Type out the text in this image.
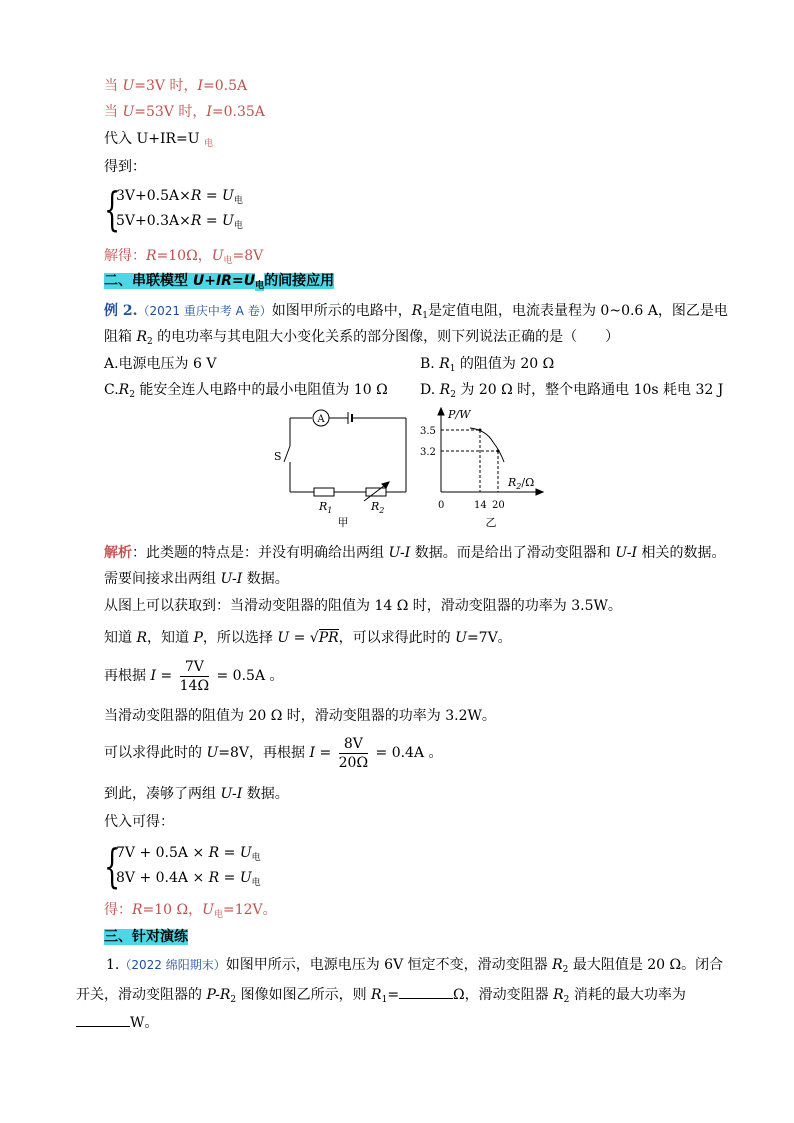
当 U=3V 时，I=0.5A
当 U=53V 时，I=0.35A
代入 U+IR=U $_电$
得到：
{
$3V+0.5A\times R = U_电$
$5V+0.3A\times R = U_电$
解得：R=10Ω，$U_电=8V$
二、串联模型 $U+IR=U_电$的间接应用
例 2.（2021 重庆中考 A 卷）如图甲所示的电路中，$R_1$是定值电阻，电流表量程为 0~0.6 A，图乙是电
阻箱 $R_2$ 的电功率与其电阻大小变化关系的部分图像，则下列说法正确的是（　　）
A.电源电压为 6 V	B. $R_1$ 的阻值为 20 Ω
$C.R_2$ 能安全连人电路中的最小电阻值为 10 Ω D. $R_2$ 为 20 Ω 时，整个电路通电 10s 耗电 32 J
A
S
$R_1$	$R_2$
甲
P/W
3.5
3.2
0	14 20
$R_2/\Omega$
乙
解析：此类题的特点是：并没有明确给出两组 U-I 数据。而是给出了滑动变阻器和 U-I 相关的数据。
需要间接求出两组 U-I 数据。
从图上可以获取到：当滑动变阻器的阻值为 14 Ω 时，滑动变阻器的功率为 3.5W。
知道 R，知道 P，所以选择 U = √PR，可以求得此时的 U=7V。
再根据 $I = \frac{7V}{14\Omega} = 0.5A$ 。
当滑动变阻器的阻值为 20 Ω 时，滑动变阻器的功率为 3.2W。
可以求得此时的 U=8V，再根据 $I = \frac{8V}{20\Omega} = 0.4A$ 。
到此，凑够了两组 U-I 数据。
代入可得：
{
$7V + 0.5A \times R = U_电$
$8V + 0.4A \times R = U_电$
得：R=10 Ω，$U_电=12V$。
三、针对演练
1.（2022 绵阳期末）如图甲所示，电源电压为 6V 恒定不变，滑动变阻器 $R_2$ 最大阻值是 20 Ω。闭合
开关，滑动变阻器的 $P-R_2$ 图像如图乙所示，则 $R_1=$	Ω，滑动变阻器 $R_2$ 消耗的最大功率为
W。
